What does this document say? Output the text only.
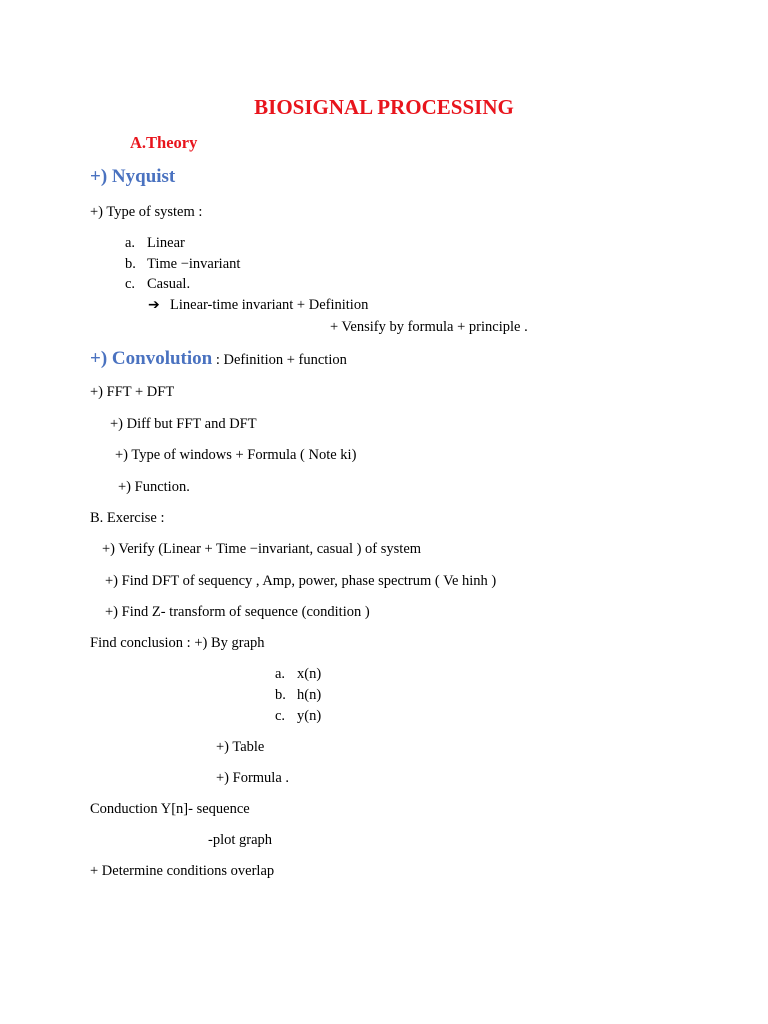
BIOSIGNAL PROCESSING
A.Theory
+) Nyquist
+) Type of system :
a. Linear
b. Time −invariant
c. Casual.
➔ Linear-time invariant + Definition
+ Vensify by formula + principle .
+) Convolution : Definition + function
+) FFT + DFT
+) Diff but FFT and DFT
+) Type of windows + Formula ( Note ki)
+) Function.
B. Exercise :
+) Verify (Linear + Time −invariant, casual ) of system
+) Find DFT of sequency , Amp, power, phase spectrum ( Ve hinh )
+) Find Z- transform of sequence (condition )
Find conclusion : +) By graph
a. x(n)
b. h(n)
c. y(n)
+) Table
+) Formula .
Conduction Y[n]- sequence
-plot graph
+ Determine conditions overlap
